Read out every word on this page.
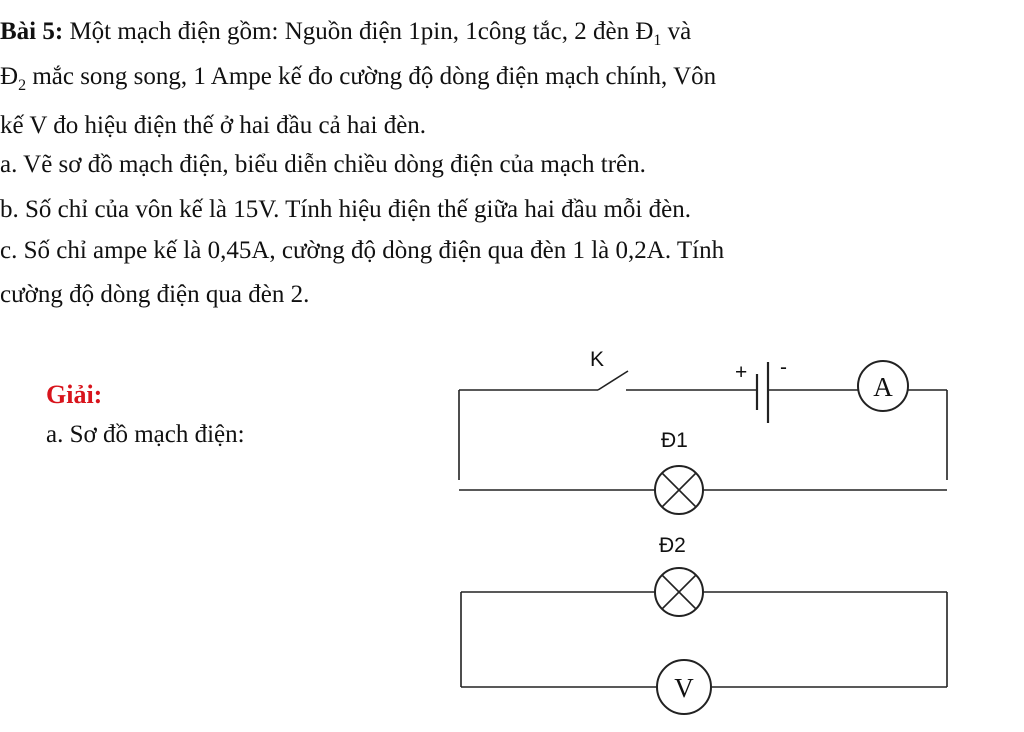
Bài 5: Một mạch điện gồm: Nguồn điện 1pin, 1công tắc, 2 đèn $Đ_1$ và
$Đ_2$ mắc song song, 1 Ampe kế đo cường độ dòng điện mạch chính, Vôn
kế V đo hiệu điện thế ở hai đầu cả hai đèn.
a. Vẽ sơ đồ mạch điện, biểu diễn chiều dòng điện của mạch trên.
b. Số chỉ của vôn kế là 15V. Tính hiệu điện thế giữa hai đầu mỗi đèn.
c. Số chỉ ampe kế là 0,45A, cường độ dòng điện qua đèn 1 là 0,2A. Tính
cường độ dòng điện qua đèn 2.
Giải:
a. Sơ đồ mạch điện:
K
+ -
A
Đ1
Đ2
V
